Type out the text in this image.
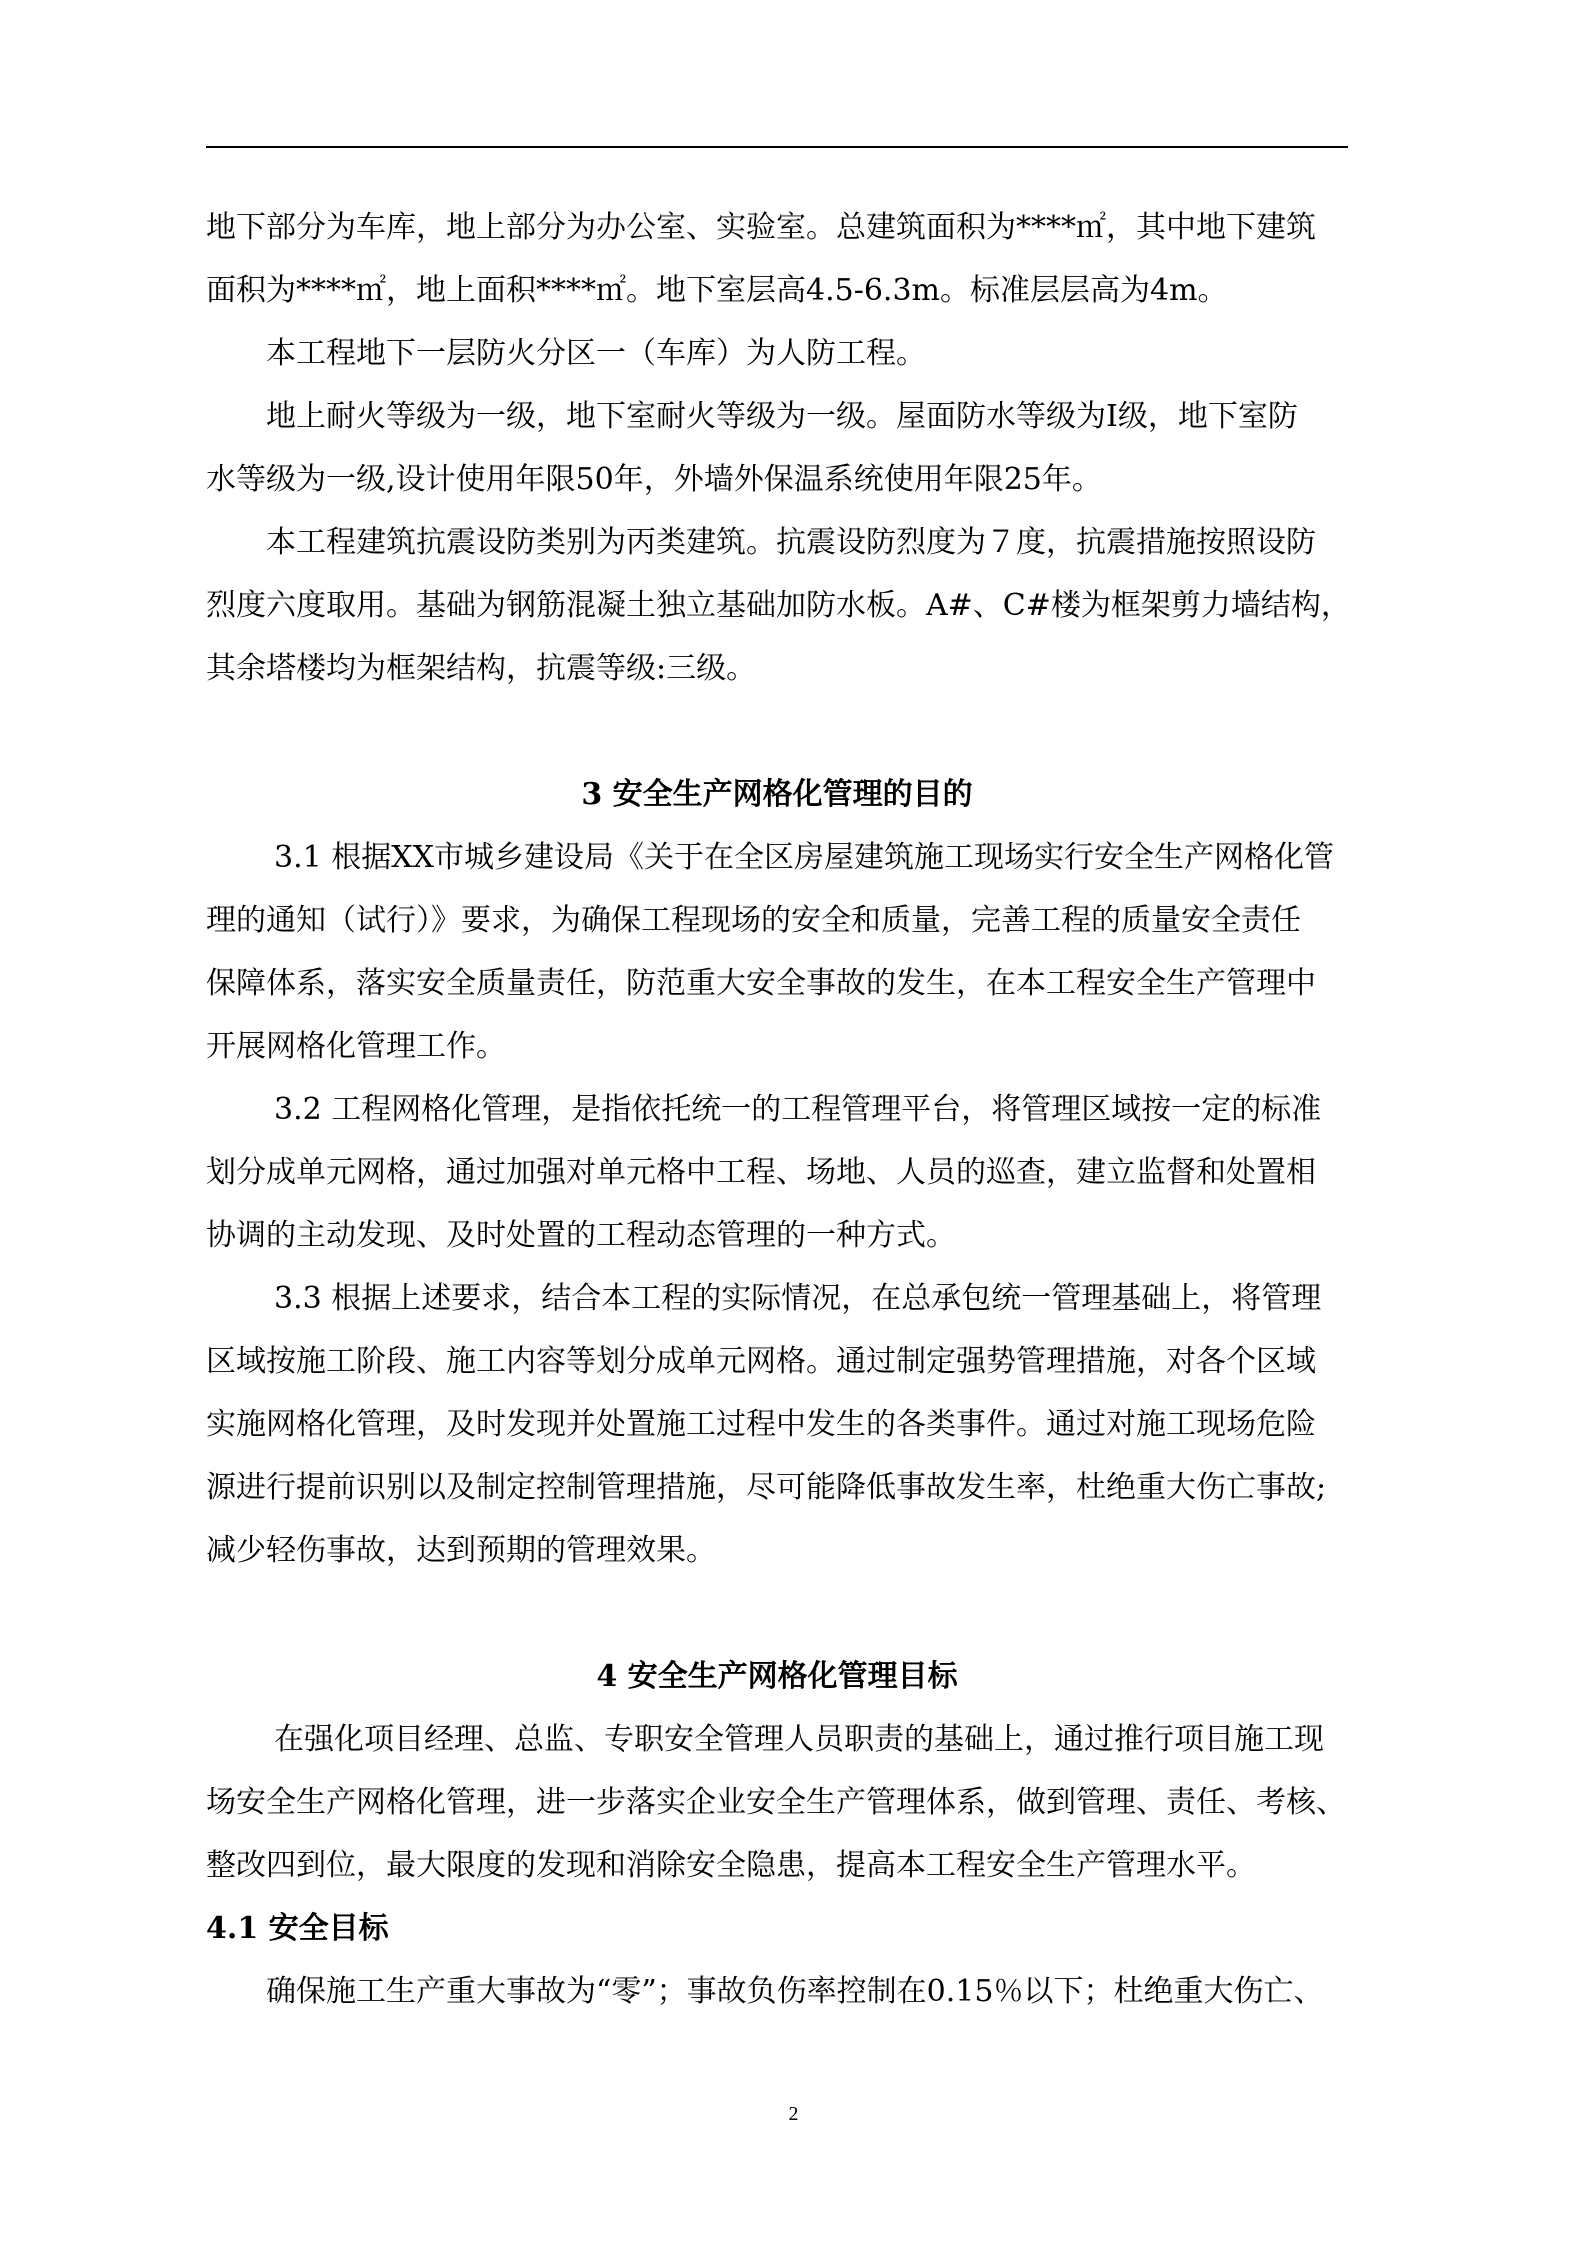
地下部分为车库，地上部分为办公室、实验室。总建筑面积为****㎡，其中地下建筑

面积为****㎡，地上面积****㎡。地下室层高4.5-6.3m。标准层层高为4m。

本工程地下一层防火分区一（车库）为人防工程。

地上耐火等级为一级，地下室耐火等级为一级。屋面防水等级为Ⅰ级，地下室防

水等级为一级,设计使用年限50年，外墙外保温系统使用年限25年。

本工程建筑抗震设防类别为丙类建筑。抗震设防烈度为７度，抗震措施按照设防

烈度六度取用。基础为钢筋混凝土独立基础加防水板。A#、C#楼为框架剪力墙结构，

其余塔楼均为框架结构，抗震等级:三级。

3 安全生产网格化管理的目的

3.1 根据XX市城乡建设局《关于在全区房屋建筑施工现场实行安全生产网格化管

理的通知（试行）》要求，为确保工程现场的安全和质量，完善工程的质量安全责任

保障体系，落实安全质量责任，防范重大安全事故的发生，在本工程安全生产管理中

开展网格化管理工作。

3.2 工程网格化管理，是指依托统一的工程管理平台，将管理区域按一定的标准

划分成单元网格，通过加强对单元格中工程、场地、人员的巡查，建立监督和处置相

协调的主动发现、及时处置的工程动态管理的一种方式。

3.3 根据上述要求，结合本工程的实际情况，在总承包统一管理基础上，将管理

区域按施工阶段、施工内容等划分成单元网格。通过制定强势管理措施，对各个区域

实施网格化管理，及时发现并处置施工过程中发生的各类事件。通过对施工现场危险

源进行提前识别以及制定控制管理措施，尽可能降低事故发生率，杜绝重大伤亡事故;

减少轻伤事故，达到预期的管理效果。

4 安全生产网格化管理目标

在强化项目经理、总监、专职安全管理人员职责的基础上，通过推行项目施工现

场安全生产网格化管理，进一步落实企业安全生产管理体系，做到管理、责任、考核、

整改四到位，最大限度的发现和消除安全隐患，提高本工程安全生产管理水平。

4.1 安全目标

确保施工生产重大事故为“零”；事故负伤率控制在0.15％以下；杜绝重大伤亡、

2
